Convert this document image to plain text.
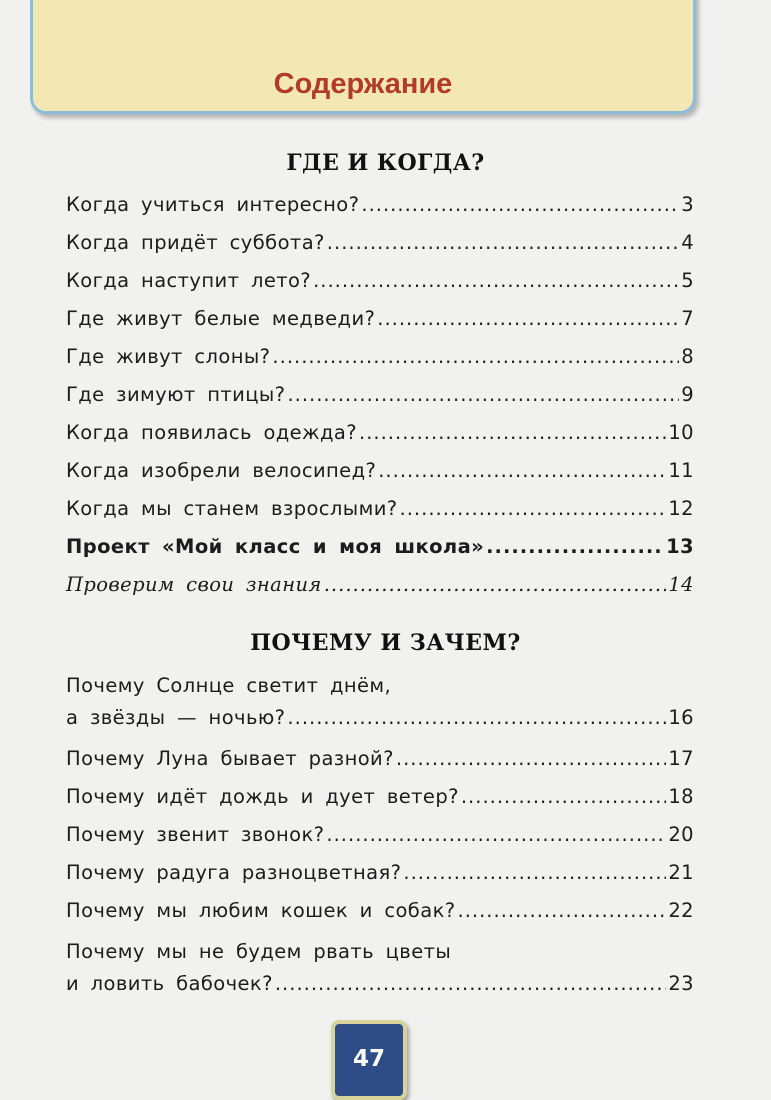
Содержание
ГДЕ И КОГДА?
Когда учиться интересно? .....	3
Когда придёт суббота? .....	4
Когда наступит лето? .....	5
Где живут белые медведи? .....	7
Где живут слоны? .....	8
Где зимуют птицы? .....	9
Когда появилась одежда? .....	10
Когда изобрели велосипед? .....	11
Когда мы станем взрослыми? .....	12
Проект «Мой класс и моя школа» .....	13
Проверим свои знания .....	14
ПОЧЕМУ И ЗАЧЕМ?
Почему Солнце светит днём,
а звёзды — ночью? .....	16
Почему Луна бывает разной? .....	17
Почему идёт дождь и дует ветер? .....	18
Почему звенит звонок? .....	20
Почему радуга разноцветная? .....	21
Почему мы любим кошек и собак? .....	22
Почему мы не будем рвать цветы
и ловить бабочек? .....	23
47
